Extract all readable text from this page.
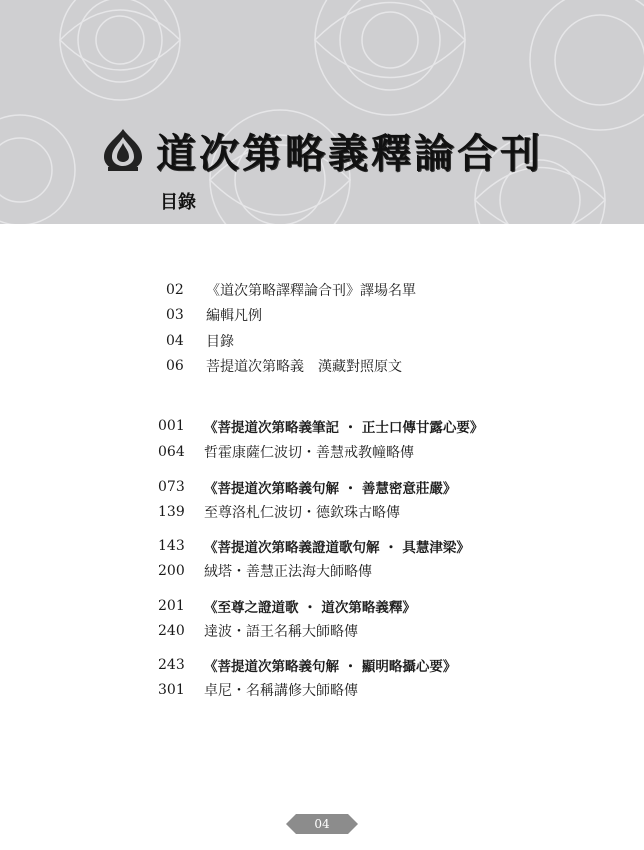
道次第略義釋論合刊
目錄
02	《道次第略譯釋論合刊》譯場名單
03	編輯凡例
04	目錄
06	菩提道次第略義　漢藏對照原文
001	《菩提道次第略義筆記 ・ 正士口傳甘露心要》
064	哲霍康薩仁波切・善慧戒教幢略傳
073	《菩提道次第略義句解 ・ 善慧密意莊嚴》
139	至尊洛札仁波切・德欽珠古略傳
143	《菩提道次第略義證道歌句解 ・ 具慧津梁》
200	絨塔・善慧正法海大師略傳
201	《至尊之證道歌 ・ 道次第略義釋》
240	達波・語王名稱大師略傳
243	《菩提道次第略義句解 ・ 顯明略攝心要》
301	卓尼・名稱講修大師略傳
04
